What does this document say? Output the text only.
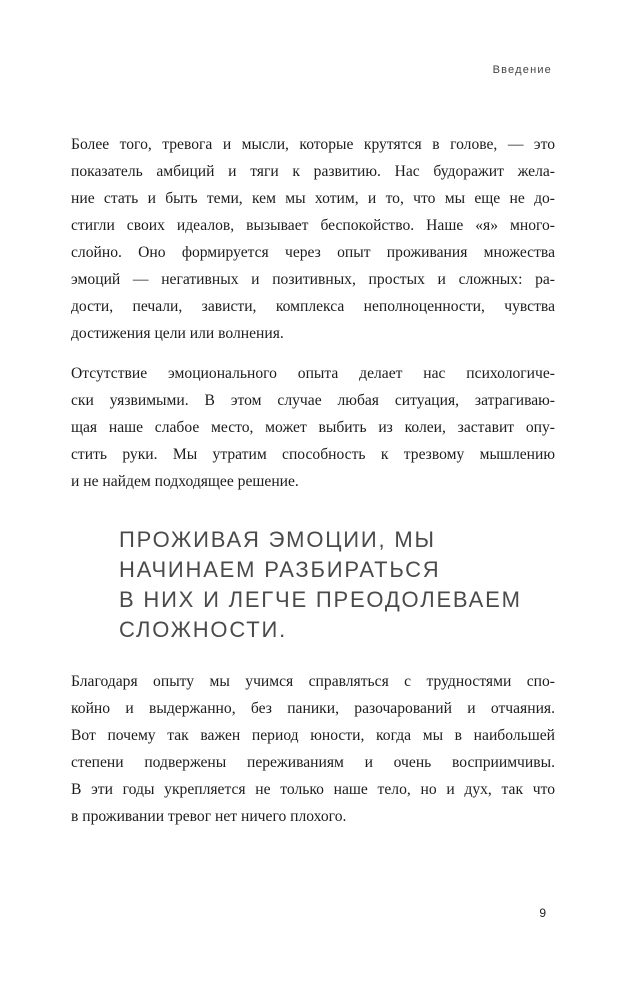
Введение

Более того, тревога и мысли, которые крутятся в голове, — это
показатель амбиций и тяги к развитию. Нас будоражит жела-
ние стать и быть теми, кем мы хотим, и то, что мы еще не до-
стигли своих идеалов, вызывает беспокойство. Наше «я» много-
слойно. Оно формируется через опыт проживания множества
эмоций — негативных и позитивных, простых и сложных: ра-
дости, печали, зависти, комплекса неполноценности, чувства
достижения цели или волнения.

Отсутствие эмоционального опыта делает нас психологиче-
ски уязвимыми. В этом случае любая ситуация, затрагиваю-
щая наше слабое место, может выбить из колеи, заставит опу-
стить руки. Мы утратим способность к трезвому мышлению
и не найдем подходящее решение.

ПРОЖИВАЯ ЭМОЦИИ, МЫ
НАЧИНАЕМ РАЗБИРАТЬСЯ
В НИХ И ЛЕГЧЕ ПРЕОДОЛЕВАЕМ
СЛОЖНОСТИ.

Благодаря опыту мы учимся справляться с трудностями спо-
койно и выдержанно, без паники, разочарований и отчаяния.
Вот почему так важен период юности, когда мы в наибольшей
степени подвержены переживаниям и очень восприимчивы.
В эти годы укрепляется не только наше тело, но и дух, так что
в проживании тревог нет ничего плохого.

9
